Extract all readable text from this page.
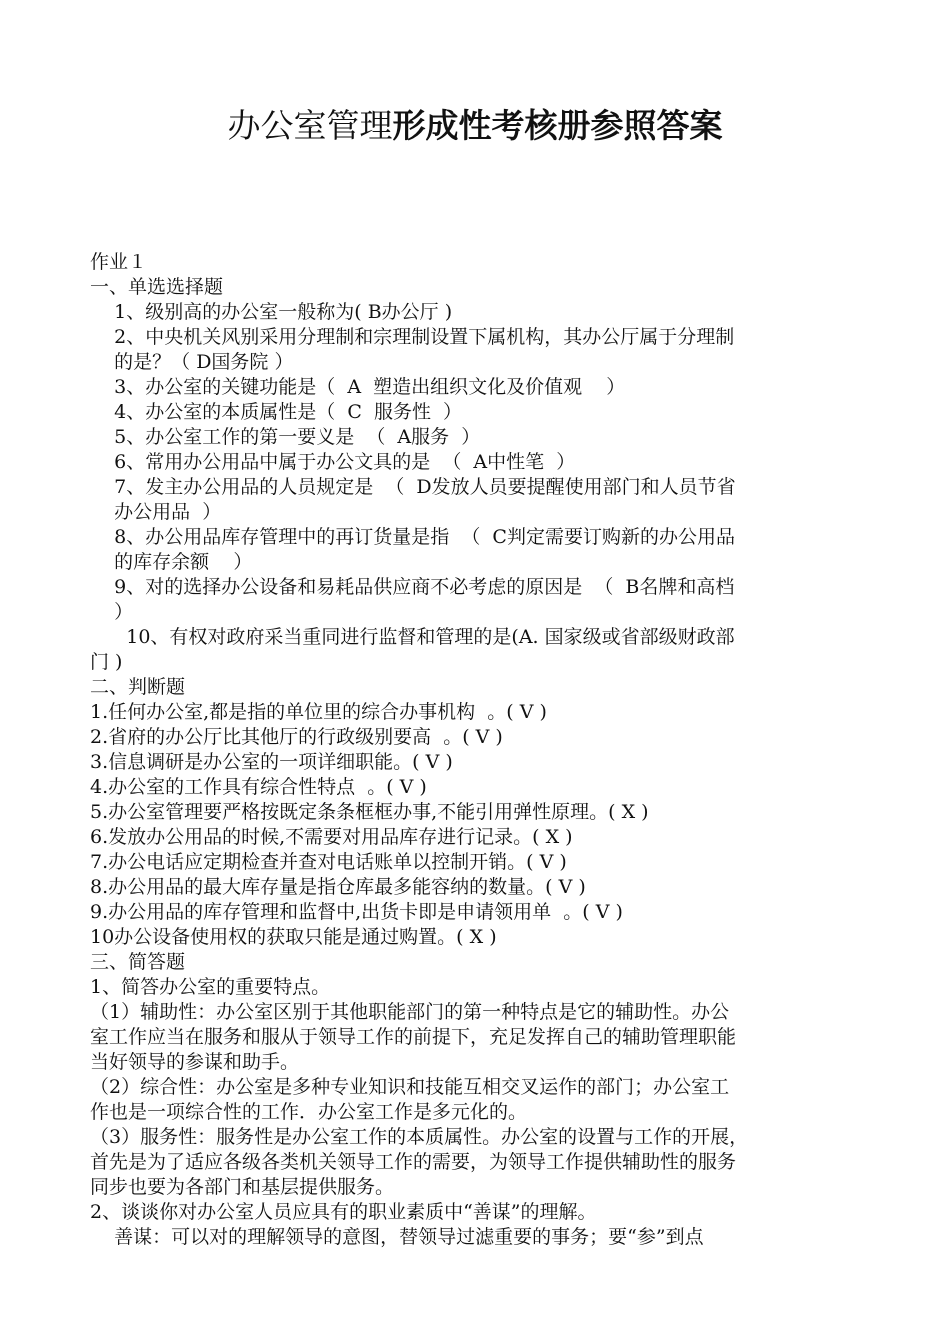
办公室管理形成性考核册参照答案
作业１
一、单选选择题
1、级别高的办公室一般称为( B办公厅 )
2、中央机关风别采用分理制和宗理制设置下属机构，其办公厅属于分理制
的是？（ D国务院 ）
3、办公室的关键功能是（  A  塑造出组织文化及价值观    ）
4、办公室的本质属性是（  C  服务性  ）
5、办公室工作的第一要义是  （  A服务  ）
6、常用办公用品中属于办公文具的是  （  A中性笔  ）
7、发主办公用品的人员规定是  （  D发放人员要提醒使用部门和人员节省
办公用品  ）
8、办公用品库存管理中的再订货量是指  （  C判定需要订购新的办公用品
的库存余额    ）
9、对的选择办公设备和易耗品供应商不必考虑的原因是  （  B名牌和高档
）
10、有权对政府采当重同进行监督和管理的是(A. 国家级或省部级财政部
门 )
二、判断题
1.任何办公室,都是指的单位里的综合办事机构  。( V )
2.省府的办公厅比其他厅的行政级别要高  。( V )
3.信息调研是办公室的一项详细职能。( V )
4.办公室的工作具有综合性特点  。( V )
5.办公室管理要严格按既定条条框框办事,不能引用弹性原理。( X )
6.发放办公用品的时候,不需要对用品库存进行记录。( X )
7.办公电话应定期检查并查对电话账单以控制开销。( V )
8.办公用品的最大库存量是指仓库最多能容纳的数量。( V )
9.办公用品的库存管理和监督中,出货卡即是申请领用单  。( V )
10办公设备使用权的获取只能是通过购置。( X )
三、简答题
1、简答办公室的重要特点。
（1）辅助性：办公室区别于其他职能部门的第一种特点是它的辅助性。办公
室工作应当在服务和服从于领导工作的前提下，充足发挥自己的辅助管理职能
当好领导的参谋和助手。
（2）综合性：办公室是多种专业知识和技能互相交叉运作的部门；办公室工
作也是一项综合性的工作．办公室工作是多元化的。
（3）服务性：服务性是办公室工作的本质属性。办公室的设置与工作的开展，
首先是为了适应各级各类机关领导工作的需要，为领导工作提供辅助性的服务
同步也要为各部门和基层提供服务。
2、谈谈你对办公室人员应具有的职业素质中“善谋”的理解。
善谋：可以对的理解领导的意图，替领导过滤重要的事务；要“参”到点
